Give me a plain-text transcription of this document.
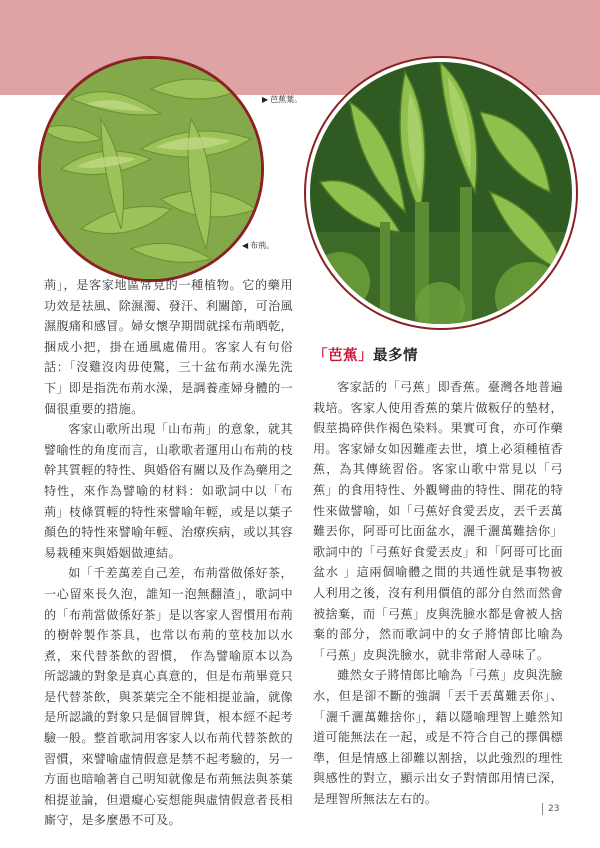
▶ 芭蕉葉。
◀ 布荊。

荊」，是客家地區常見的一種植物。它的藥用功效是祛風、除濕濁、發汗、利關節，可治風濕腹痛和感冒。婦女懷孕期間就採布荊晒乾，捆成小把，掛在通風處備用。客家人有句俗話：「沒雞沒肉毋使驚，三十盆布荊水澡先洗下」即是指洗布荊水澡，是調養產婦身體的一個很重要的措施。

客家山歌所出現「山布荊」的意象，就其譬喻性的角度而言，山歌歌者運用山布荊的枝幹其質輕的特性、與婚俗有關以及作為藥用之特性，來作為譬喻的材料：如歌詞中以「布荊」枝條質輕的特性來譬喻年輕，或是以葉子顏色的特性來譬喻年輕、治療疾病，或以其容易栽種來與婚姻做連結。

如「千差萬差自己差，布荊當做係好茶，一心留來長久泡，誰知一泡無翻渣」，歌詞中的「布荊當做係好茶」是以客家人習慣用布荊的樹幹製作茶具，也常以布荊的莖枝加以水煮，來代替茶飲的習慣， 作為譬喻原本以為所認識的對象是真心真意的，但是布荊畢竟只是代替茶飲，與茶葉完全不能相提並論，就像是所認識的對象只是個冒牌貨，根本經不起考驗一般。整首歌詞用客家人以布荊代替茶飲的習慣，來譬喻虛情假意是禁不起考驗的，另一方面也暗喻著自己明知就像是布荊無法與茶葉相提並論，但還癡心妄想能與虛情假意者長相廝守，是多麼愚不可及。

「芭蕉」最多情

客家話的「弓蕉」即香蕉。臺灣各地普遍栽培。客家人使用香蕉的葉片做粄仔的墊材，假莖搗碎供作褐色染料。果實可食，亦可作藥用。客家婦女如因難產去世，墳上必須種植香蕉，為其傳統習俗。客家山歌中常見以「弓蕉」的食用特性、外觀彎曲的特性、開花的特性來做譬喻，如「弓蕉好食愛丟皮，丟千丟萬難丟你，阿哥可比面盆水，灑千灑萬難捨你」 歌詞中的「弓蕉好食愛丟皮」和「阿哥可比面盆水 」這兩個喻體之間的共通性就是事物被人利用之後，沒有利用價值的部分自然而然會被捨棄，而「弓蕉」皮與洗臉水都是會被人捨棄的部分，然而歌詞中的女子將情郎比喻為「弓蕉」皮與洗臉水，就非常耐人尋味了。

雖然女子將情郎比喻為「弓蕉」皮與洗臉水，但是卻不斷的強調「丟千丟萬難丟你」、「灑千灑萬難捨你」，藉以隱喻理智上雖然知道可能無法在一起，或是不符合自己的擇偶標準，但是情感上卻難以割捨，以此強烈的理性與感性的對立，顯示出女子對情郎用情已深，是理智所無法左右的。

23
